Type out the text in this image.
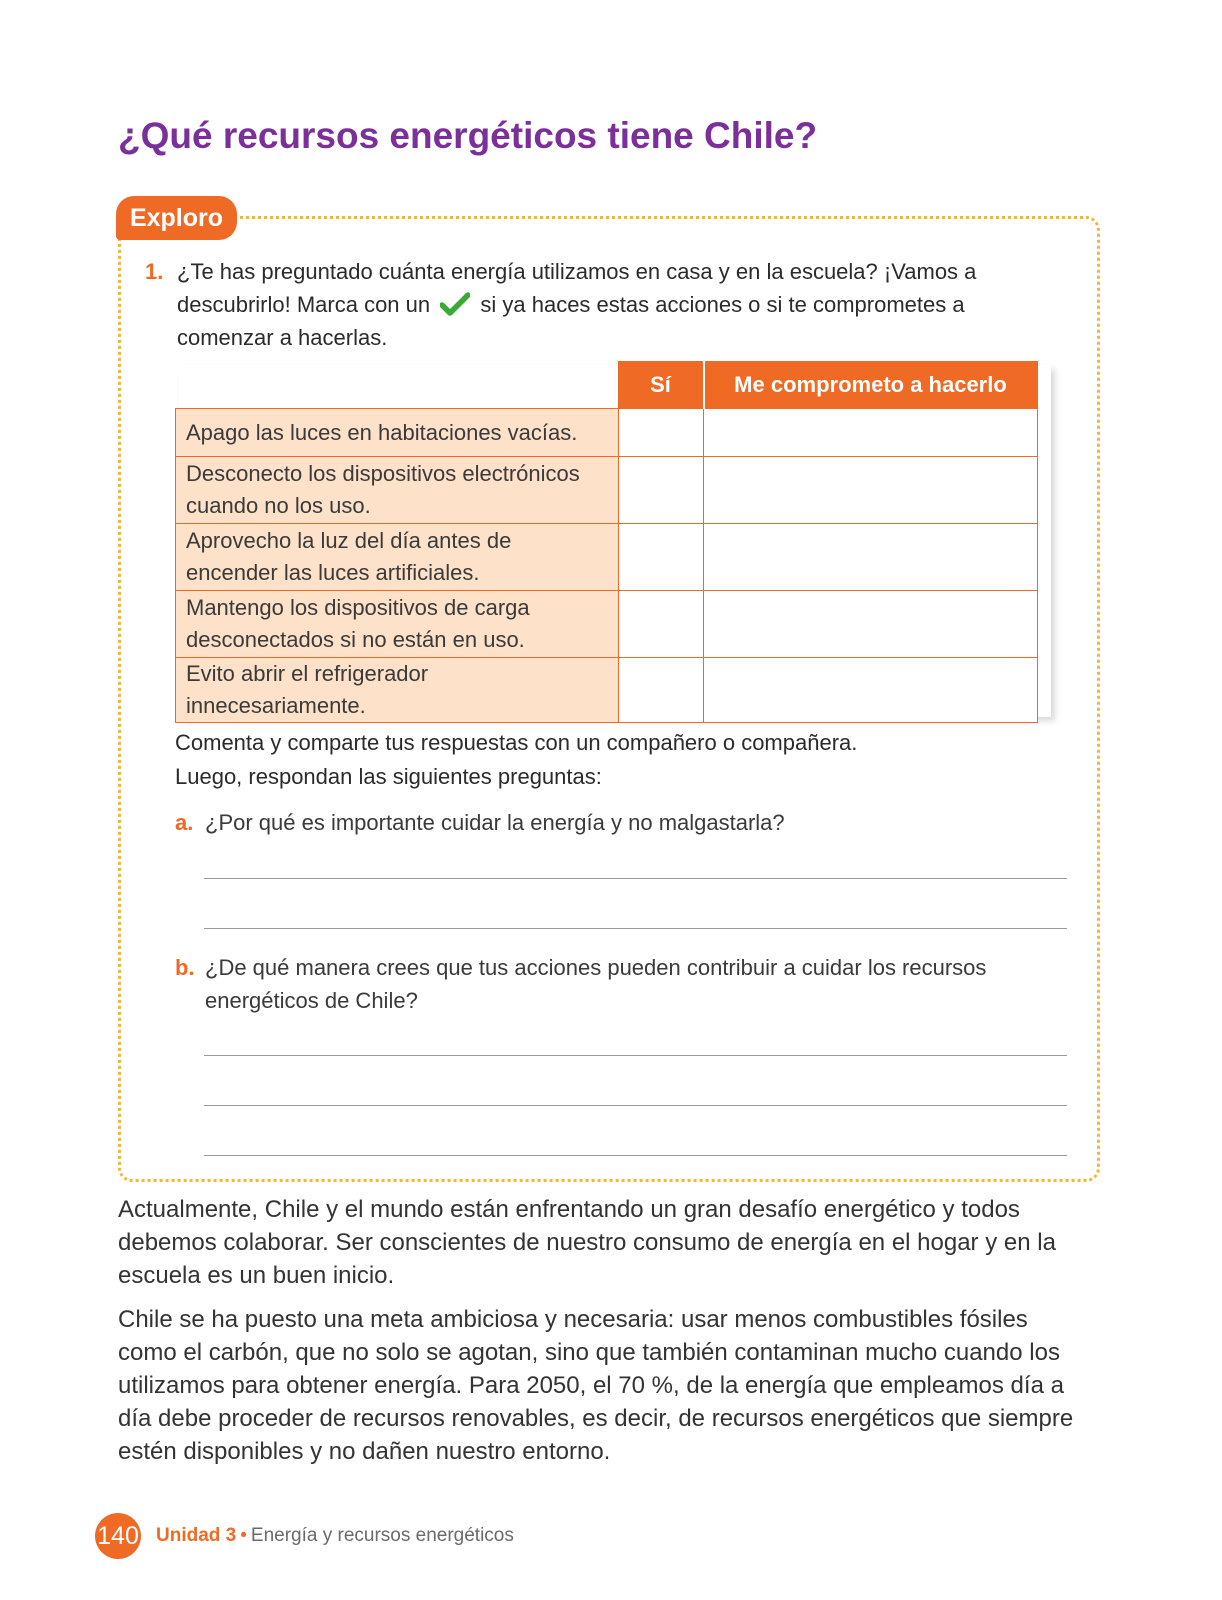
¿Qué recursos energéticos tiene Chile?
Exploro
1. ¿Te has preguntado cuánta energía utilizamos en casa y en la escuela? ¡Vamos a descubrirlo! Marca con un si ya haces estas acciones o si te comprometes a comenzar a hacerlas.
	Sí	Me comprometo a hacerlo
Apago las luces en habitaciones vacías.		
Desconecto los dispositivos electrónicos cuando no los uso.		
Aprovecho la luz del día antes de encender las luces artificiales.		
Mantengo los dispositivos de carga desconectados si no están en uso.		
Evito abrir el refrigerador innecesariamente.		
Comenta y comparte tus respuestas con un compañero o compañera.
Luego, respondan las siguientes preguntas:
a. ¿Por qué es importante cuidar la energía y no malgastarla?
b. ¿De qué manera crees que tus acciones pueden contribuir a cuidar los recursos energéticos de Chile?

Actualmente, Chile y el mundo están enfrentando un gran desafío energético y todos debemos colaborar. Ser conscientes de nuestro consumo de energía en el hogar y en la escuela es un buen inicio.

Chile se ha puesto una meta ambiciosa y necesaria: usar menos combustibles fósiles como el carbón, que no solo se agotan, sino que también contaminan mucho cuando los utilizamos para obtener energía. Para 2050, el 70 %, de la energía que empleamos día a día debe proceder de recursos renovables, es decir, de recursos energéticos que siempre estén disponibles y no dañen nuestro entorno.

140 Unidad 3 • Energía y recursos energéticos
